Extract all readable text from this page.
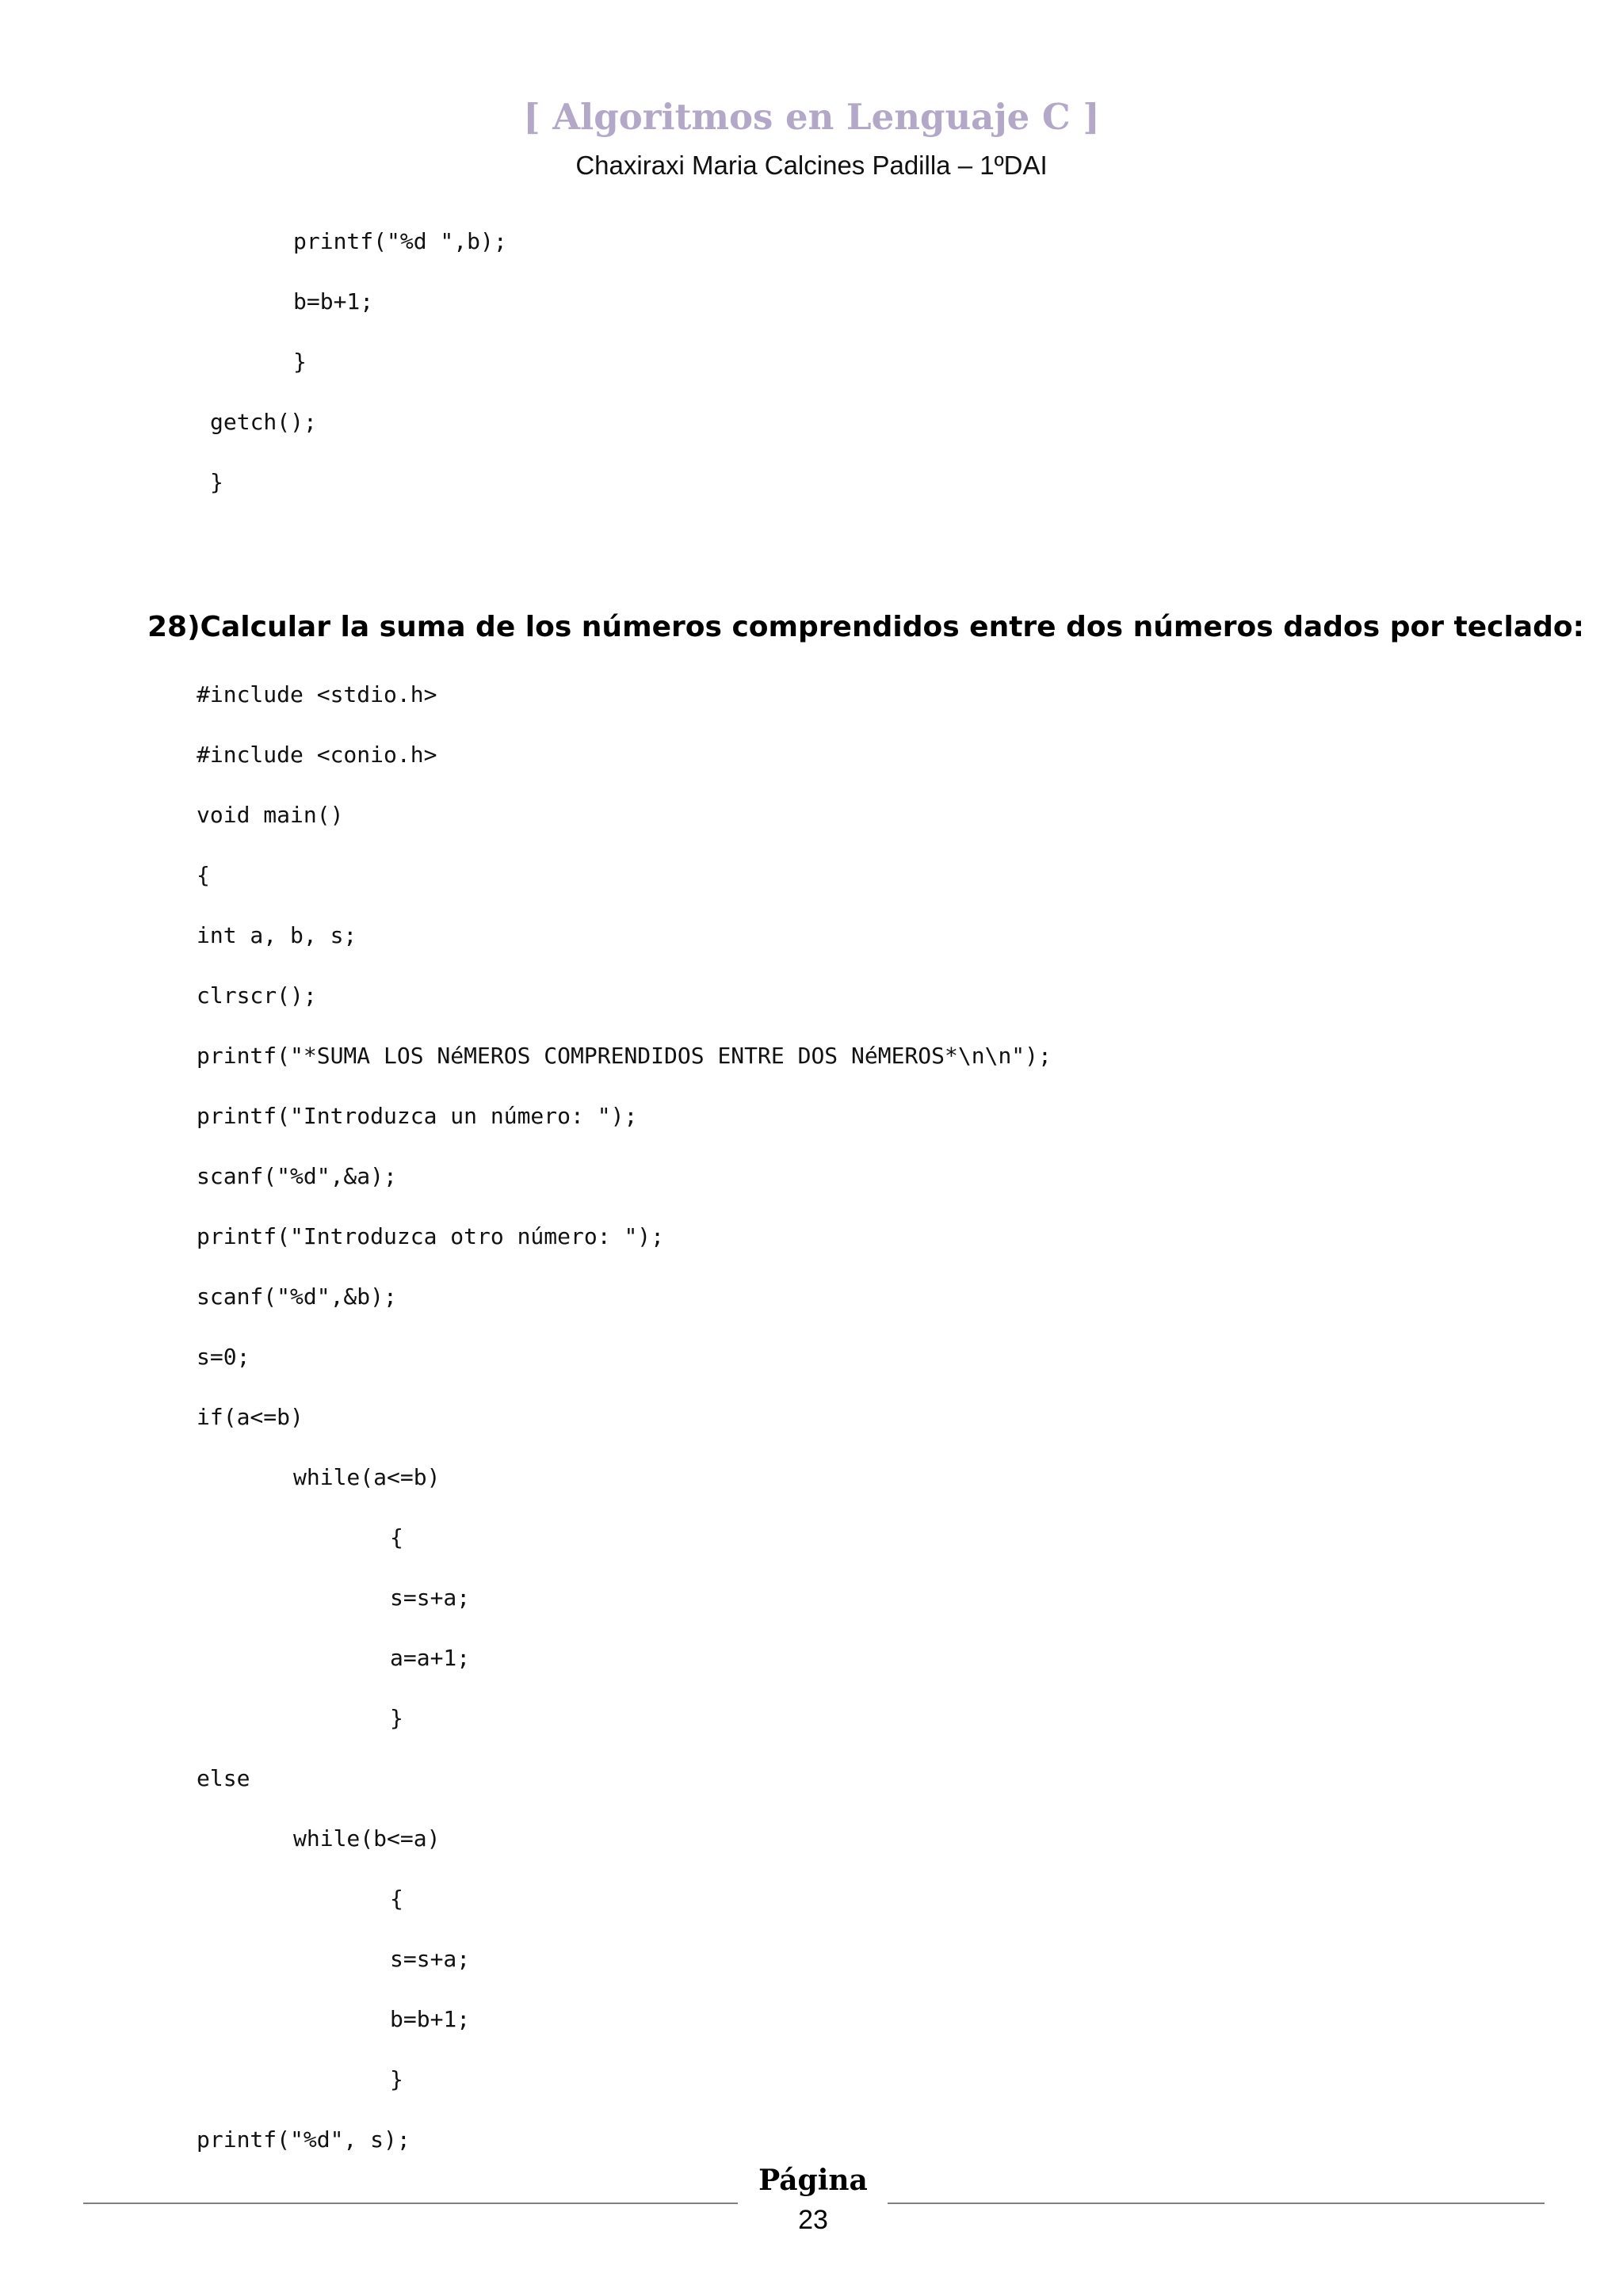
[ Algoritmos en Lenguaje C ]

Chaxiraxi Maria Calcines Padilla – 1ºDAI

printf("%d ",b);

b=b+1;

}

getch();

}

28)Calcular la suma de los números comprendidos entre dos números dados por teclado:

#include <stdio.h>

#include <conio.h>

void main()

{

int a, b, s;

clrscr();

printf("*SUMA LOS NéMEROS COMPRENDIDOS ENTRE DOS NéMEROS*\n\n");

printf("Introduzca un número: ");

scanf("%d",&a);

printf("Introduzca otro número: ");

scanf("%d",&b);

s=0;

if(a<=b)

while(a<=b)

{

s=s+a;

a=a+1;

}

else

while(b<=a)

{

s=s+a;

b=b+1;

}

printf("%d", s);

Página

23
